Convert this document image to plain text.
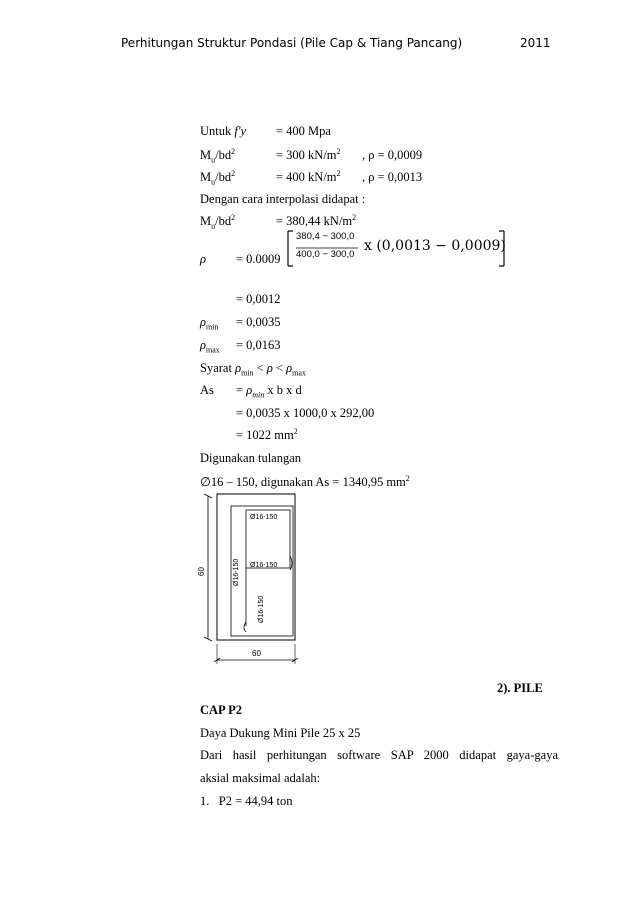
Perhitungan Struktur Pondasi (Pile Cap & Tiang Pancang)	2011
Untuk f'y = 400 Mpa
$M_u/bd^2$	= 300 $kN/m^2$ , ρ = 0,0009
$M_u/bd^2$	= 400 $kN/m^2$ , ρ = 0,0013
Dengan cara interpolasi didapat :
$M_u/bd^2$	= 380,44 $kN/m^2$
ρ = 0.0009
380,4 − 300,0
400,0 − 300,0
x (0,0013 − 0,0009)
= 0,0012
$\rho_{min} = 0,0035$
$\rho_{max} = 0,0163$
Syarat $\rho_{min} < \rho < \rho_{max}$
$As = \rho_{min}$ x b x d
= 0,0035 x 1000,0 x 292,00
= 1022 $mm^2$
Digunakan tulangan
∅16 – 150, digunakan As = 1340,95 $mm^2$
Ø16-150
Ø16-150
Ø16-150
Ø16-150
60
60
2). PILE
CAP P2
Daya Dukung Mini Pile 25 x 25
Dari hasil perhitungan software SAP 2000 didapat gaya-gaya
aksial maksimal adalah:
1.   P2 = 44,94 ton
